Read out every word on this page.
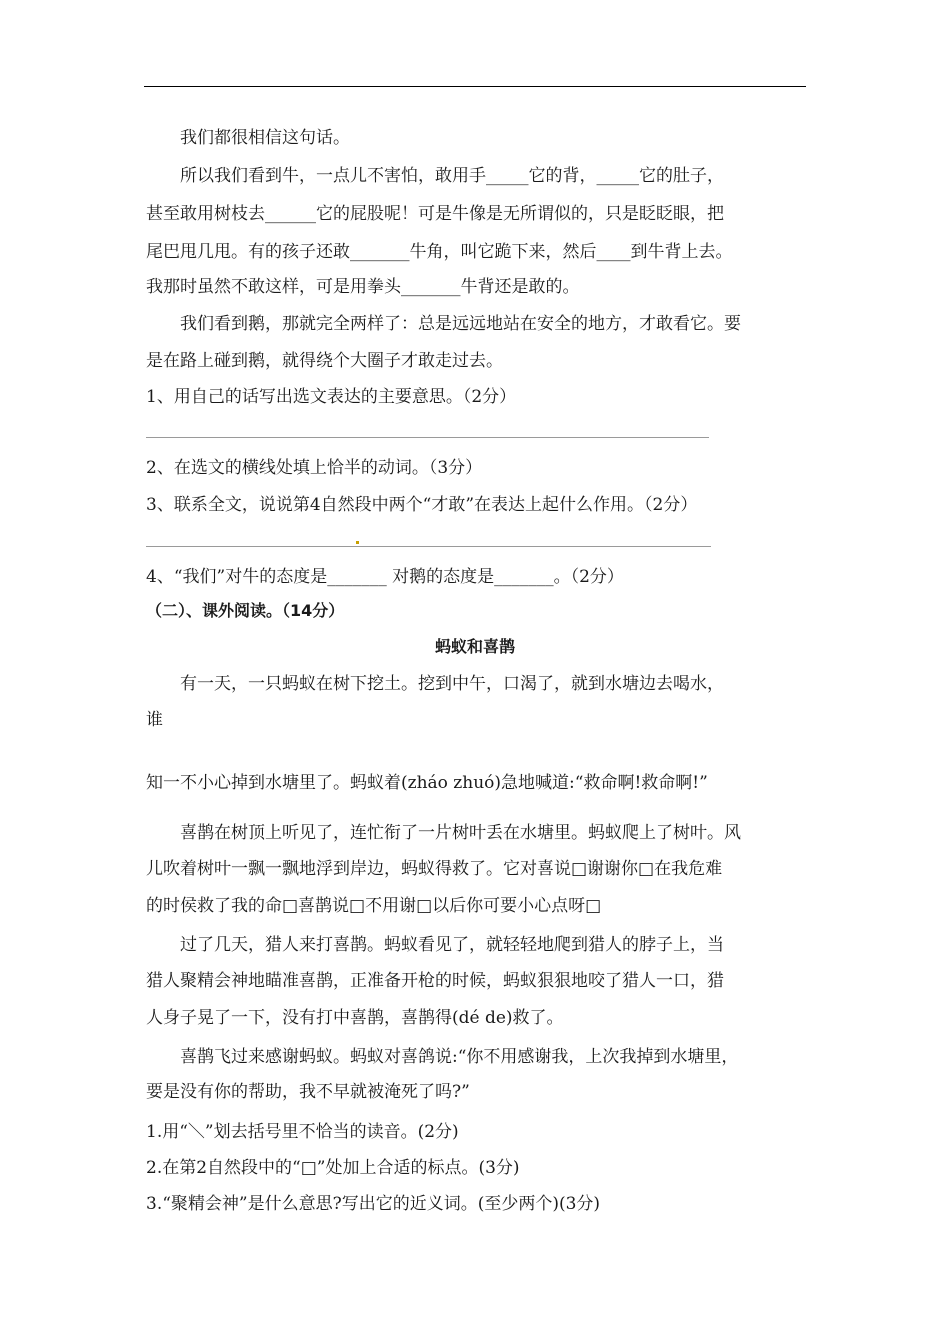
我们都很相信这句话。
所以我们看到牛，一点儿不害怕，敢用手_____它的背，_____它的肚子，
甚至敢用树枝去______它的屁股呢！可是牛像是无所谓似的，只是眨眨眼，把
尾巴甩几甩。有的孩子还敢_______牛角，叫它跪下来，然后____到牛背上去。
我那时虽然不敢这样，可是用拳头_______牛背还是敢的。
我们看到鹅，那就完全两样了：总是远远地站在安全的地方，才敢看它。要
是在路上碰到鹅，就得绕个大圈子才敢走过去。
1、用自己的话写出选文表达的主要意思。（2分）
2、在选文的横线处填上恰半的动词。（3分）
3、联系全文，说说第4自然段中两个“才敢”在表达上起什么作用。（2分）
4、“我们”对牛的态度是_______ 对鹅的态度是_______。（2分）
（二）、课外阅读。（14分）
蚂蚁和喜鹊
有一天，一只蚂蚁在树下挖土。挖到中午，口渴了，就到水塘边去喝水，
谁
知一不小心掉到水塘里了。蚂蚁着(zháo zhuó)急地喊道:“救命啊!救命啊!”
喜鹊在树顶上听见了，连忙衔了一片树叶丢在水塘里。蚂蚁爬上了树叶。风
儿吹着树叶一飘一飘地浮到岸边，蚂蚁得救了。它对喜说□谢谢你□在我危难
的时侯救了我的命□喜鹊说□不用谢□以后你可要小心点呀□
过了几天，猎人来打喜鹊。蚂蚁看见了，就轻轻地爬到猎人的脖子上，当
猎人聚精会神地瞄准喜鹊，正准备开枪的时候，蚂蚁狠狠地咬了猎人一口，猎
人身子晃了一下，没有打中喜鹊，喜鹊得(dé de)救了。
喜鹊飞过来感谢蚂蚁。蚂蚁对喜鸽说:“你不用感谢我，上次我掉到水塘里，
要是没有你的帮助，我不早就被淹死了吗?”
1.用“＼”划去括号里不恰当的读音。(2分)
2.在第2自然段中的“□”处加上合适的标点。(3分)
3.“聚精会神”是什么意思?写出它的近义词。(至少两个)(3分)
